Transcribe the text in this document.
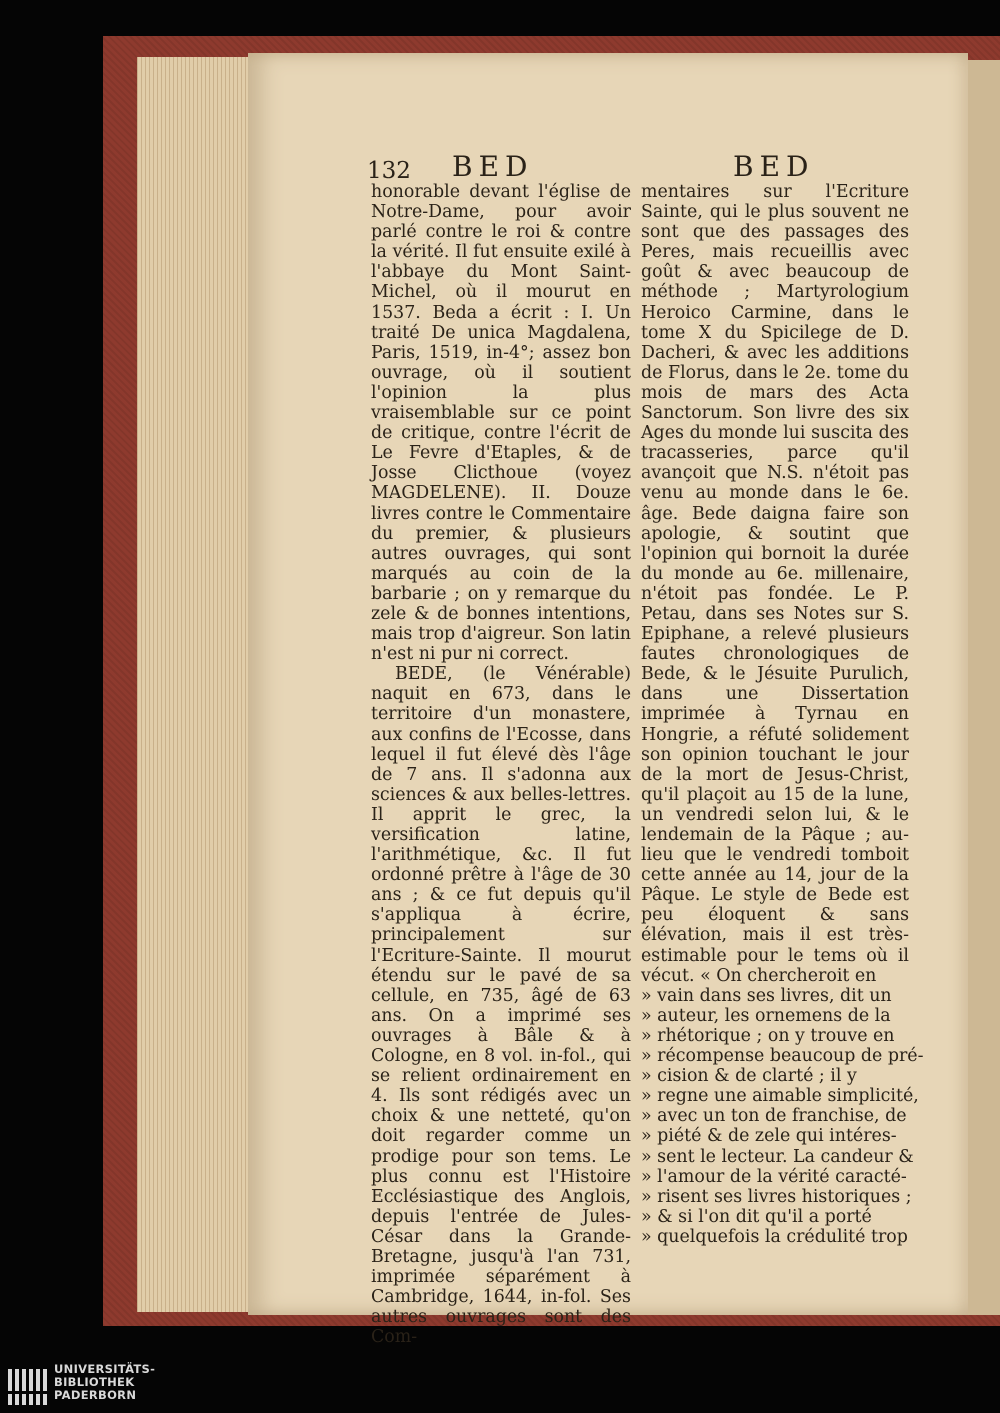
132 BED	BED

honorable devant l'église de Notre-Dame, pour avoir parlé contre le roi & contre la vérité. Il fut ensuite exilé à l'abbaye du Mont Saint-Michel, où il mourut en 1537. Beda a écrit : I. Un traité De unica Magdalena, Paris, 1519, in-4°; assez bon ouvrage, où il soutient l'opinion la plus vraisemblable sur ce point de critique, contre l'écrit de Le Fevre d'Etaples, & de Josse Clicthoue (voyez MAGDELENE). II. Douze livres contre le Commentaire du premier, & plusieurs autres ouvrages, qui sont marqués au coin de la barbarie ; on y remarque du zele & de bonnes intentions, mais trop d'aigreur. Son latin n'est ni pur ni correct.

BEDE, (le Vénérable) naquit en 673, dans le territoire d'un monastere, aux confins de l'Ecosse, dans lequel il fut élevé dès l'âge de 7 ans. Il s'adonna aux sciences & aux belles-lettres. Il apprit le grec, la versification latine, l'arithmétique, &c. Il fut ordonné prêtre à l'âge de 30 ans ; & ce fut depuis qu'il s'appliqua à écrire, principalement sur l'Ecriture-Sainte. Il mourut étendu sur le pavé de sa cellule, en 735, âgé de 63 ans. On a imprimé ses ouvrages à Bâle & à Cologne, en 8 vol. in-fol., qui se relient ordinairement en 4. Ils sont rédigés avec un choix & une netteté, qu'on doit regarder comme un prodige pour son tems. Le plus connu est l'Histoire Ecclésiastique des Anglois, depuis l'entrée de Jules-César dans la Grande-Bretagne, jusqu'à l'an 731, imprimée séparément à Cambridge, 1644, in-fol. Ses autres ouvrages sont des Com-

mentaires sur l'Ecriture Sainte, qui le plus souvent ne sont que des passages des Peres, mais recueillis avec goût & avec beaucoup de méthode ; Martyrologium Heroico Carmine, dans le tome X du Spicilege de D. Dacheri, & avec les additions de Florus, dans le 2e. tome du mois de mars des Acta Sanctorum. Son livre des six Ages du monde lui suscita des tracasseries, parce qu'il avançoit que N.S. n'étoit pas venu au monde dans le 6e. âge. Bede daigna faire son apologie, & soutint que l'opinion qui bornoit la durée du monde au 6e. millenaire, n'étoit pas fondée. Le P. Petau, dans ses Notes sur S. Epiphane, a relevé plusieurs fautes chronologiques de Bede, & le Jésuite Purulich, dans une Dissertation imprimée à Tyrnau en Hongrie, a réfuté solidement son opinion touchant le jour de la mort de Jesus-Christ, qu'il plaçoit au 15 de la lune, un vendredi selon lui, & le lendemain de la Pâque ; au-lieu que le vendredi tomboit cette année au 14, jour de la Pâque. Le style de Bede est peu éloquent & sans élévation, mais il est très-estimable pour le tems où il vécut. « On chercheroit en

» vain dans ses livres, dit un
» auteur, les ornemens de la
» rhétorique ; on y trouve en
» récompense beaucoup de pré-
» cision & de clarté ; il y
» regne une aimable simplicité,
» avec un ton de franchise, de
» piété & de zele qui intéres-
» sent le lecteur. La candeur &
» l'amour de la vérité caracté-
» risent ses livres historiques ;
» & si l'on dit qu'il a porté
» quelquefois la crédulité trop
UNIVERSITÄTS-
BIBLIOTHEK
PADERBORN
